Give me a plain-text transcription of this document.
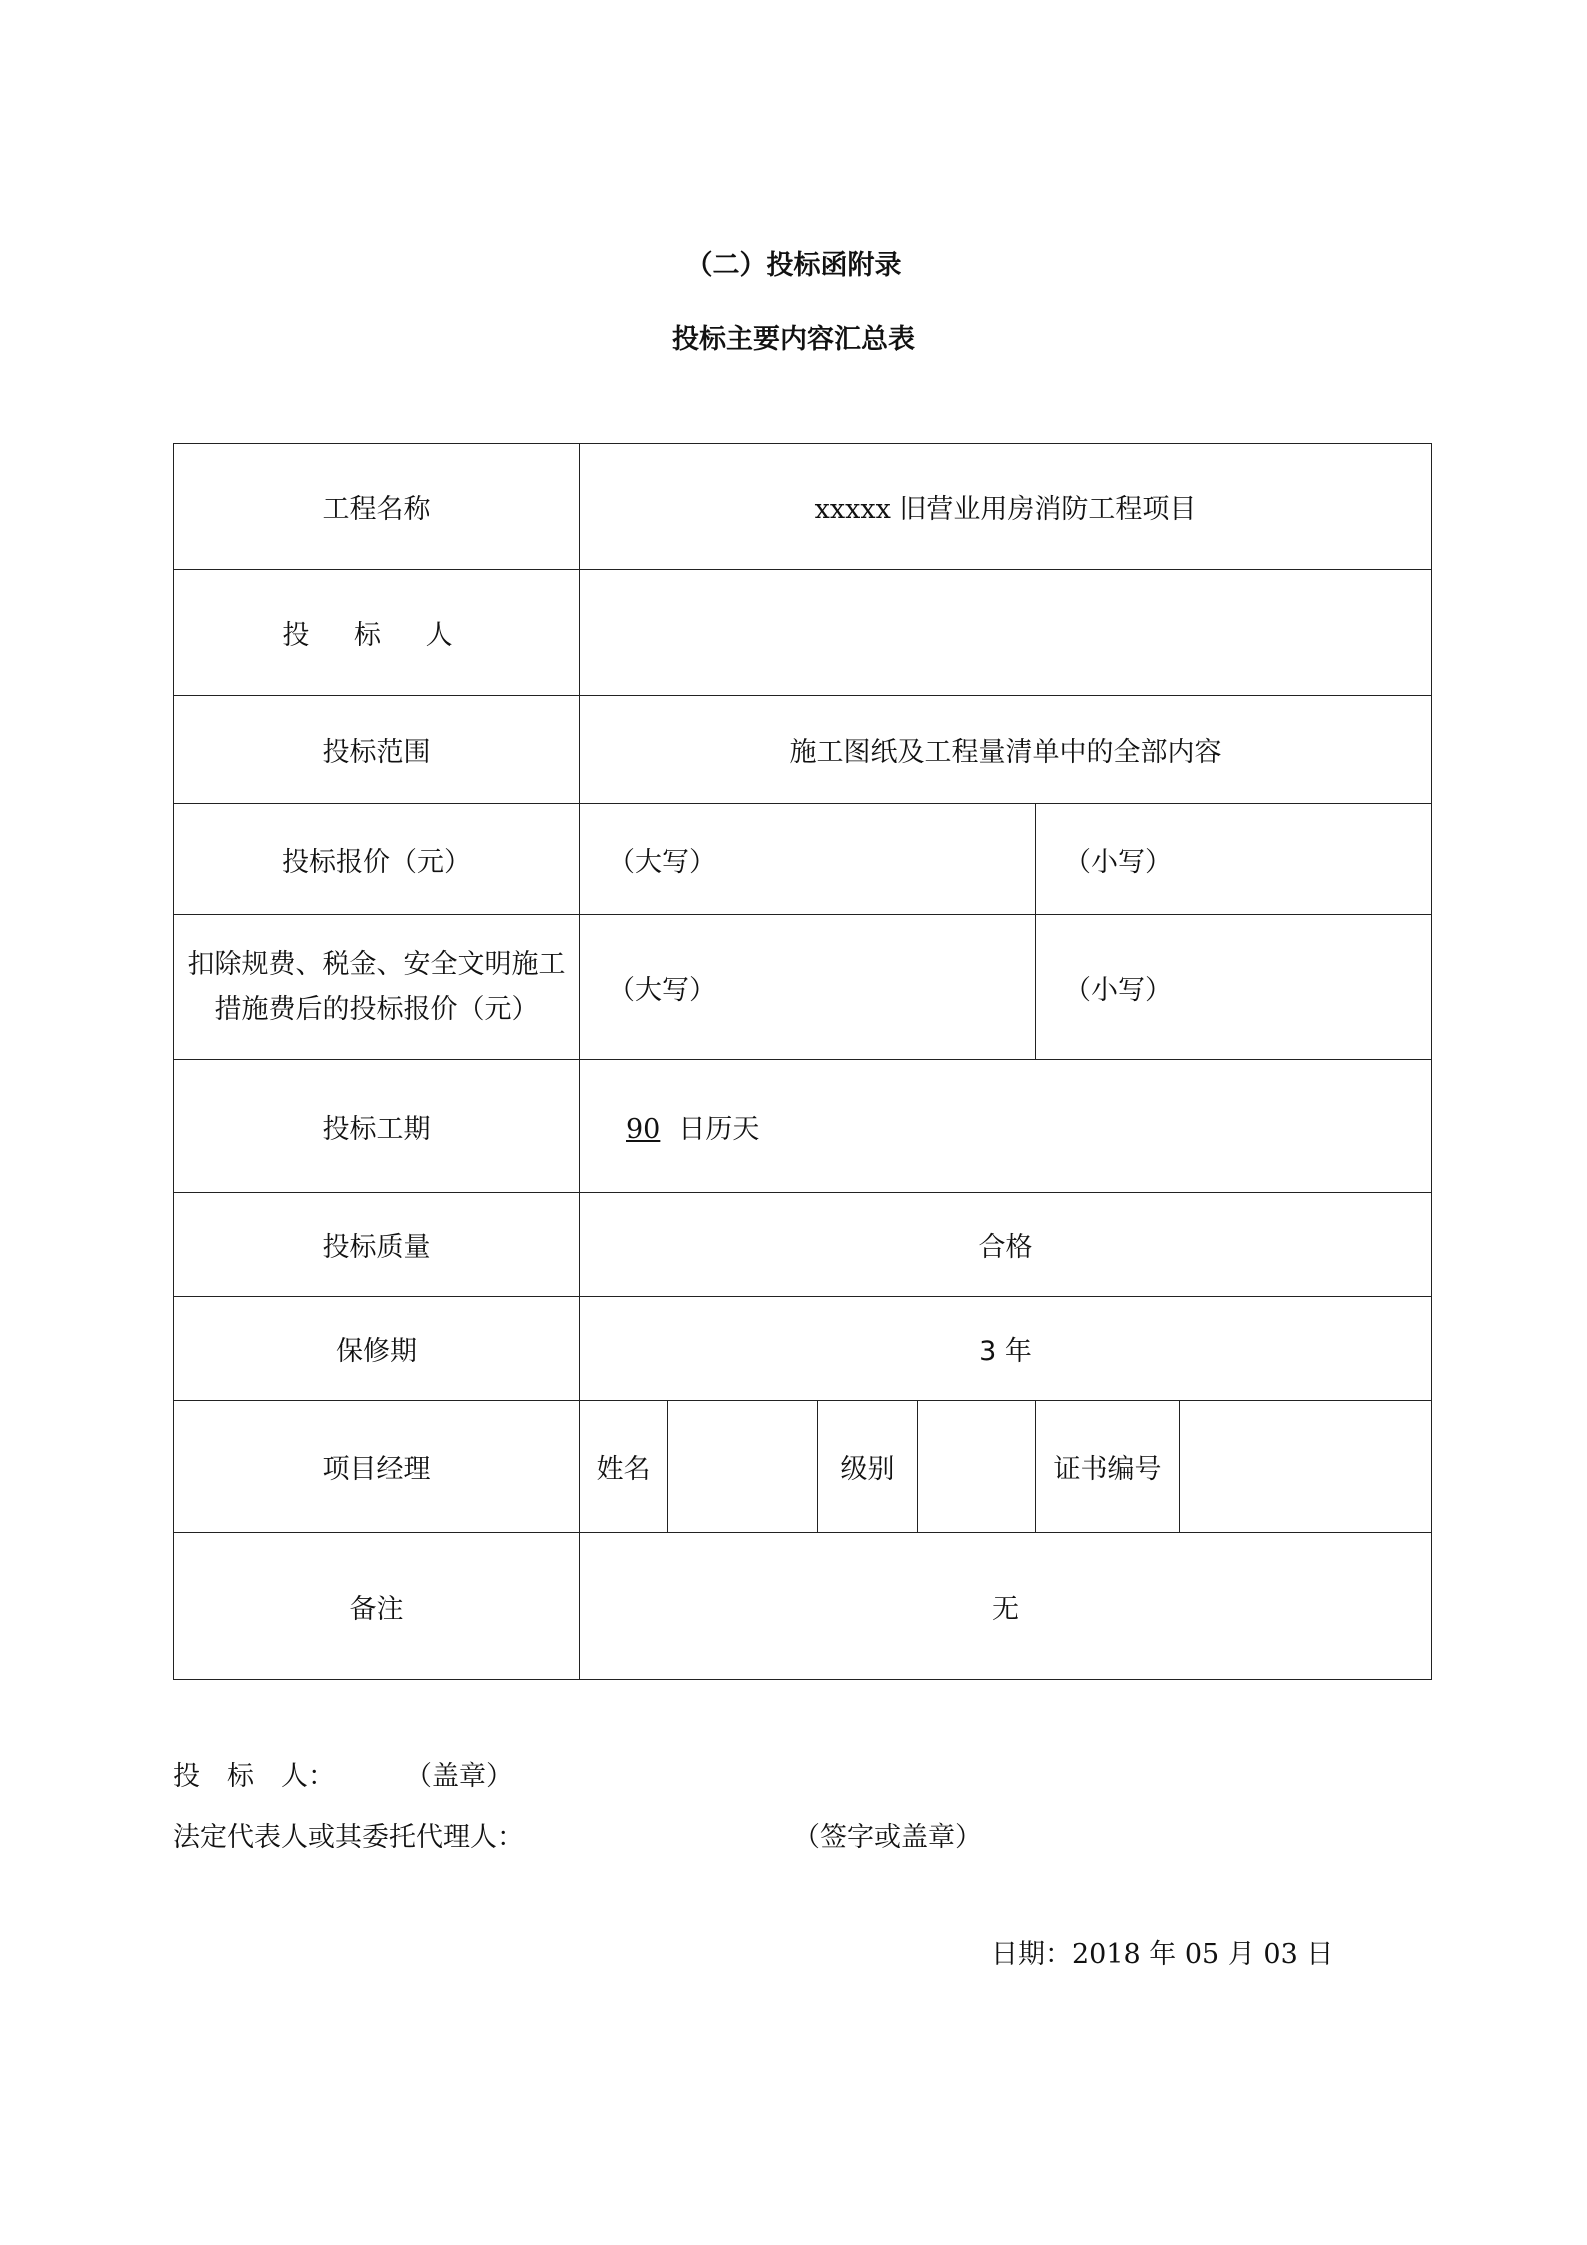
（二）投标函附录
投标主要内容汇总表
工程名称	xxxxx 旧营业用房消防工程项目					
投 标 人						
投标范围	施工图纸及工程量清单中的全部内容					
投标报价（元）	（大写）				（小写）	

扣除规费、税金、安全文明施工
措施费后的投标报价（元）	（大写）				（小写）	
投标工期	90 日历天					
投标质量	合格					
保修期	3 年					
项目经理	姓名		级别		证书编号	
备注	无					
投　标　人：	（盖章）
法定代表人或其委托代理人：	（签字或盖章）
日期：2018 年 05 月 03 日
